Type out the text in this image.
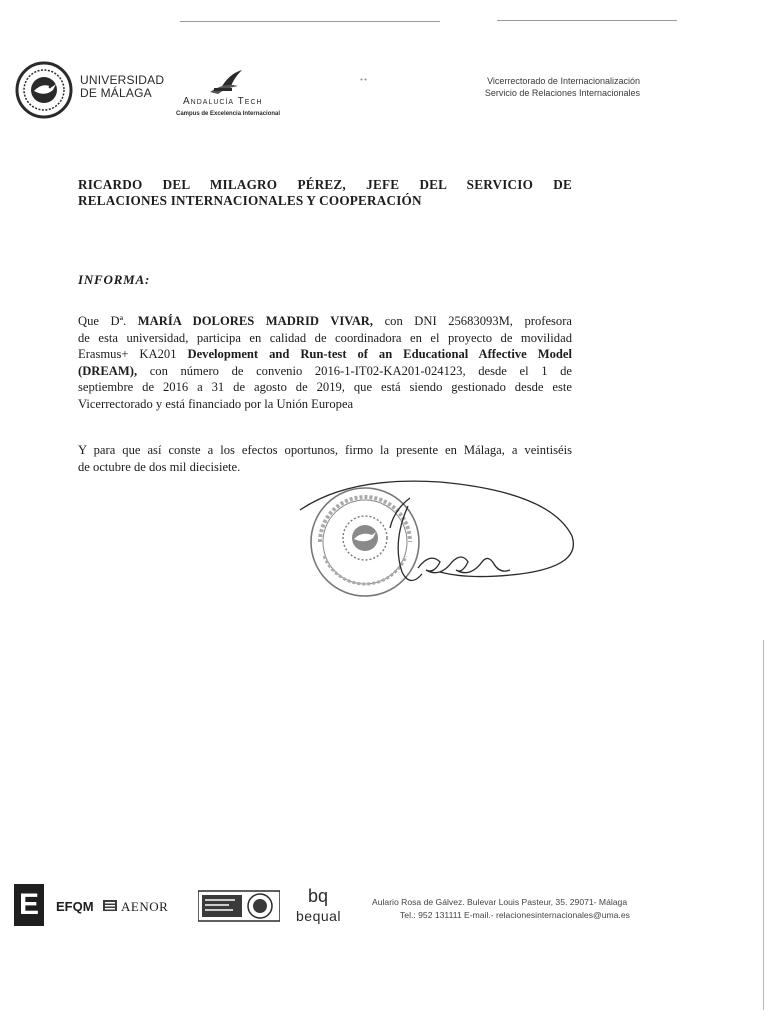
UNIVERSIDAD
DE MÁLAGA
Andalucía Tech
Campus de Excelencia Internacional
Vicerrectorado de Internacionalización
Servicio de Relaciones Internacionales
RICARDO DEL MILAGRO PÉREZ, JEFE DEL SERVICIO DE
RELACIONES INTERNACIONALES Y COOPERACIÓN
INFORMA:
Que Dª. MARÍA DOLORES MADRID VIVAR, con DNI 25683093M, profesora
de esta universidad, participa en calidad de coordinadora en el proyecto de movilidad
Erasmus+ KA201 Development and Run-test of an Educational Affective Model
(DREAM), con número de convenio 2016-1-IT02-KA201-024123, desde el 1 de
septiembre de 2016 a 31 de agosto de 2019, que está siendo gestionado desde este
Vicerrectorado y está financiado por la Unión Europea
Y para que así conste a los efectos oportunos, firmo la presente en Málaga, a veintiséis
de octubre de dos mil diecisiete.
E	EFQM AENOR
bq
bequal
Aulario Rosa de Gálvez. Bulevar Louis Pasteur, 35. 29071- Málaga
Tel.: 952 131111 E-mail.- relacionesinternacionales@uma.es
